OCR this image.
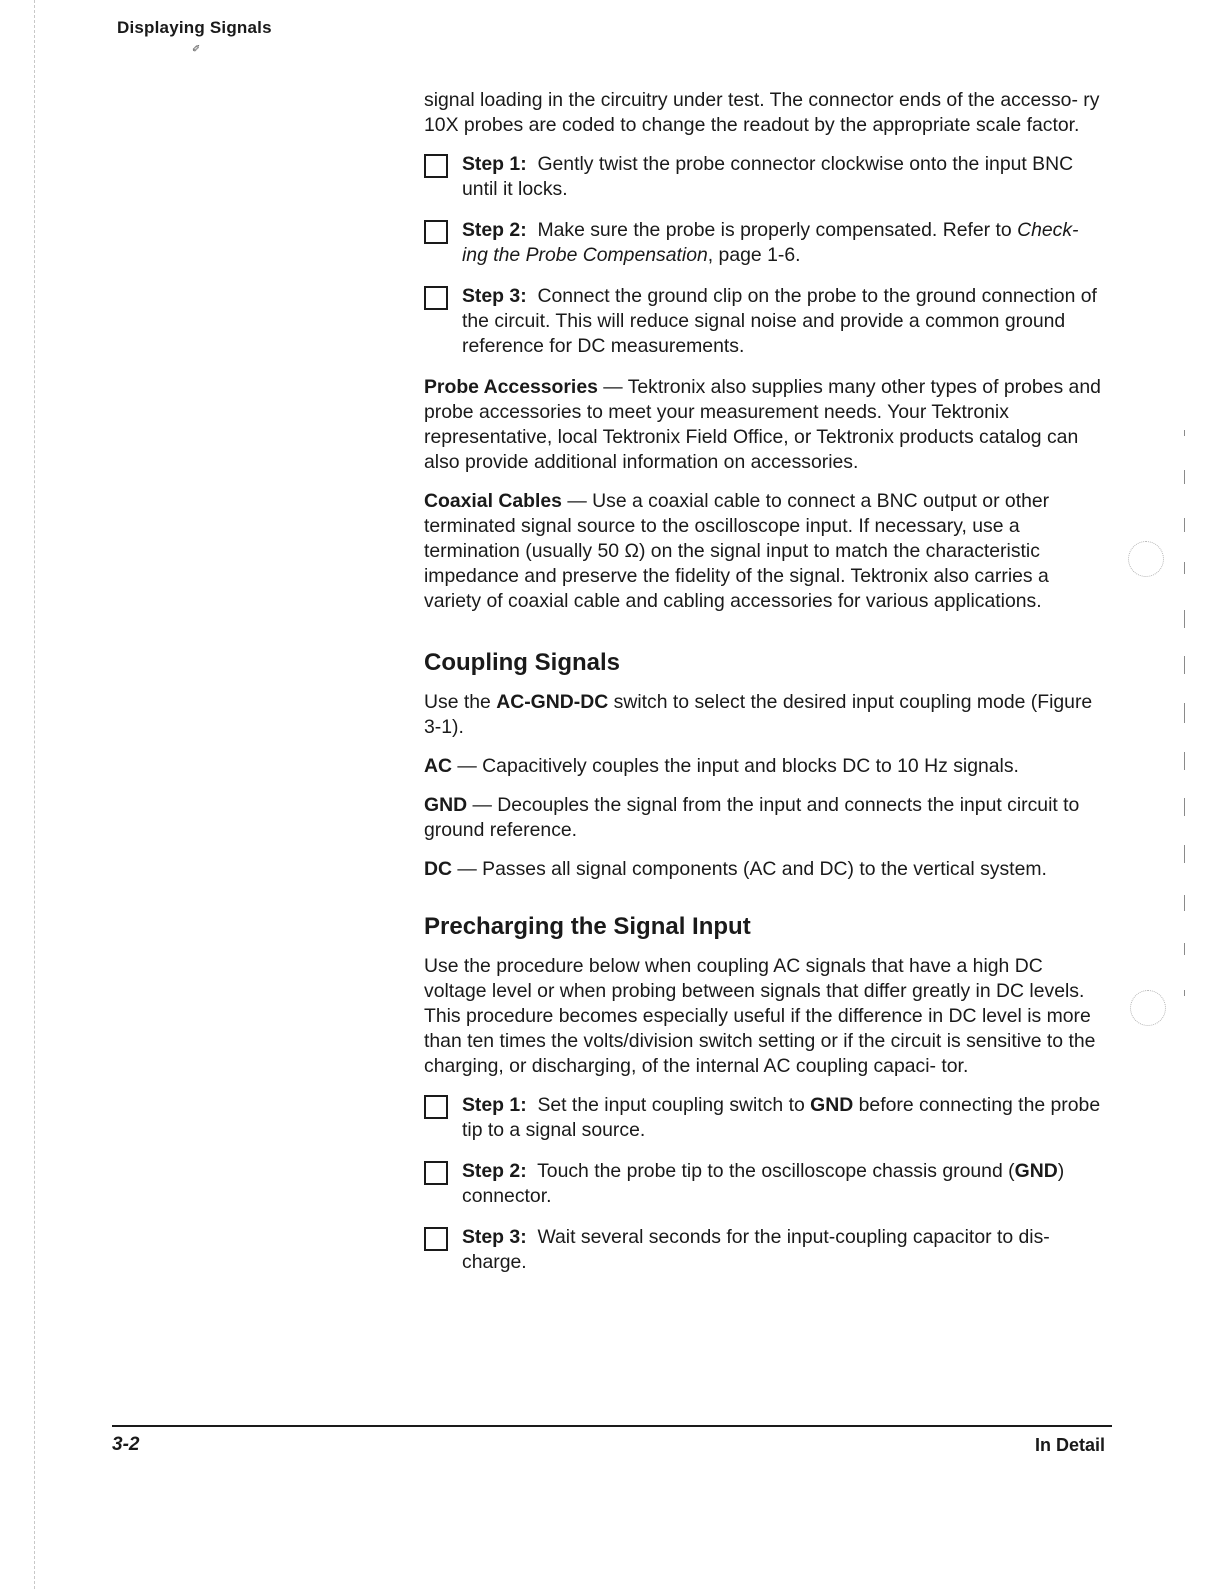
Displaying Signals
✐

signal loading in the circuitry under test. The connector ends of the accesso- ry 10X probes are coded to change the readout by the appropriate scale factor.

Step 1: Gently twist the probe connector clockwise onto the input BNC until it locks.
Step 2: Make sure the probe is properly compensated. Refer to Check- ing the Probe Compensation, page 1-6.
Step 3: Connect the ground clip on the probe to the ground connection of the circuit. This will reduce signal noise and provide a common ground reference for DC measurements.

Probe Accessories — Tektronix also supplies many other types of probes and probe accessories to meet your measurement needs. Your Tektronix representative, local Tektronix Field Office, or Tektronix products catalog can also provide additional information on accessories.

Coaxial Cables — Use a coaxial cable to connect a BNC output or other terminated signal source to the oscilloscope input. If necessary, use a termination (usually 50 Ω) on the signal input to match the characteristic impedance and preserve the fidelity of the signal. Tektronix also carries a variety of coaxial cable and cabling accessories for various applications.

Coupling Signals

Use the AC-GND-DC switch to select the desired input coupling mode (Figure 3-1).

AC — Capacitively couples the input and blocks DC to 10 Hz signals.

GND — Decouples the signal from the input and connects the input circuit to ground reference.

DC — Passes all signal components (AC and DC) to the vertical system.

Precharging the Signal Input

Use the procedure below when coupling AC signals that have a high DC voltage level or when probing between signals that differ greatly in DC levels. This procedure becomes especially useful if the difference in DC level is more than ten times the volts/division switch setting or if the circuit is sensitive to the charging, or discharging, of the internal AC coupling capaci- tor.

Step 1: Set the input coupling switch to GND before connecting the probe tip to a signal source.
Step 2: Touch the probe tip to the oscilloscope chassis ground (GND) connector.
Step 3: Wait several seconds for the input-coupling capacitor to dis- charge.
3-2	In Detail
